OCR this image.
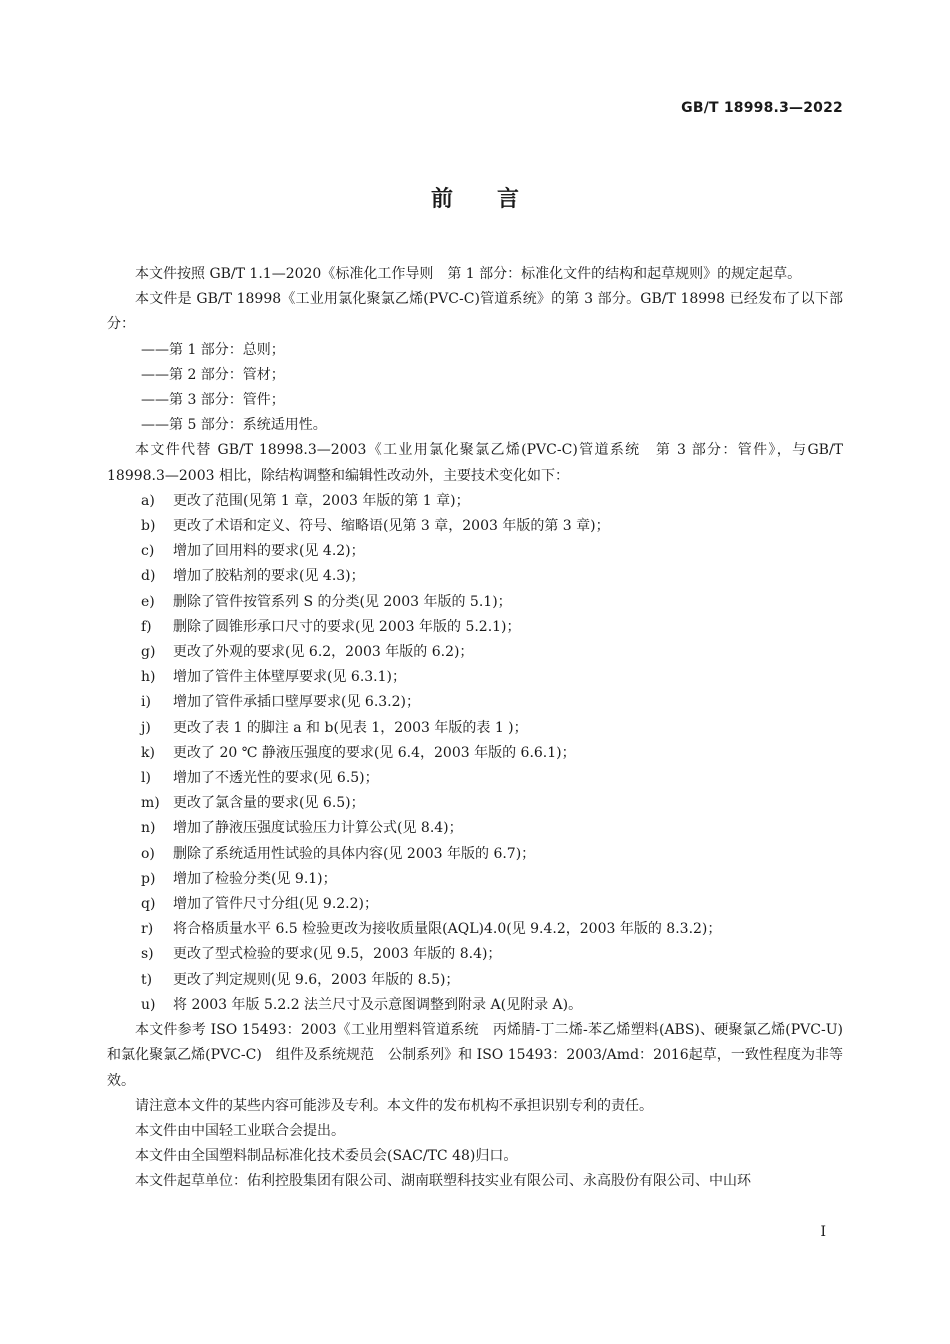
GB/T 18998.3—2022
前　　言

本文件按照 GB/T 1.1—2020《标准化工作导则　第 1 部分：标准化文件的结构和起草规则》的规定起草。

本文件是 GB/T 18998《工业用氯化聚氯乙烯(PVC-C)管道系统》的第 3 部分。GB/T 18998 已经发布了以下部分：

——第 1 部分：总则；
——第 2 部分：管材；
——第 3 部分：管件；
——第 5 部分：系统适用性。

本文件代替 GB/T 18998.3—2003《工业用氯化聚氯乙烯(PVC-C)管道系统　第 3 部分：管件》，与GB/T 18998.3—2003 相比，除结构调整和编辑性改动外，主要技术变化如下：

a)	更改了范围(见第 1 章，2003 年版的第 1 章)；
b)	更改了术语和定义、符号、缩略语(见第 3 章，2003 年版的第 3 章)；
c)	增加了回用料的要求(见 4.2)；
d)	增加了胶粘剂的要求(见 4.3)；
e)	删除了管件按管系列 S 的分类(见 2003 年版的 5.1)；
f)	删除了圆锥形承口尺寸的要求(见 2003 年版的 5.2.1)；
g)	更改了外观的要求(见 6.2，2003 年版的 6.2)；
h)	增加了管件主体壁厚要求(见 6.3.1)；
i)	增加了管件承插口壁厚要求(见 6.3.2)；
j)	更改了表 1 的脚注 a 和 b(见表 1，2003 年版的表 1 )；
k)	更改了 20 ℃ 静液压强度的要求(见 6.4，2003 年版的 6.6.1)；
l)	增加了不透光性的要求(见 6.5)；
m) 更改了氯含量的要求(见 6.5)；
n)	增加了静液压强度试验压力计算公式(见 8.4)；
o)	删除了系统适用性试验的具体内容(见 2003 年版的 6.7)；
p)	增加了检验分类(见 9.1)；
q)	增加了管件尺寸分组(见 9.2.2)；
r)	将合格质量水平 6.5 检验更改为接收质量限(AQL)4.0(见 9.4.2，2003 年版的 8.3.2)；
s)	更改了型式检验的要求(见 9.5，2003 年版的 8.4)；
t)	更改了判定规则(见 9.6，2003 年版的 8.5)；
u)	将 2003 年版 5.2.2 法兰尺寸及示意图调整到附录 A(见附录 A)。

本文件参考 ISO 15493：2003《工业用塑料管道系统　丙烯腈-丁二烯-苯乙烯塑料(ABS)、硬聚氯乙烯(PVC-U)和氯化聚氯乙烯(PVC-C)　组件及系统规范　公制系列》和 ISO 15493：2003/Amd：2016起草，一致性程度为非等效。

请注意本文件的某些内容可能涉及专利。本文件的发布机构不承担识别专利的责任。

本文件由中国轻工业联合会提出。

本文件由全国塑料制品标准化技术委员会(SAC/TC 48)归口。

本文件起草单位：佑利控股集团有限公司、湖南联塑科技实业有限公司、永高股份有限公司、中山环

I
